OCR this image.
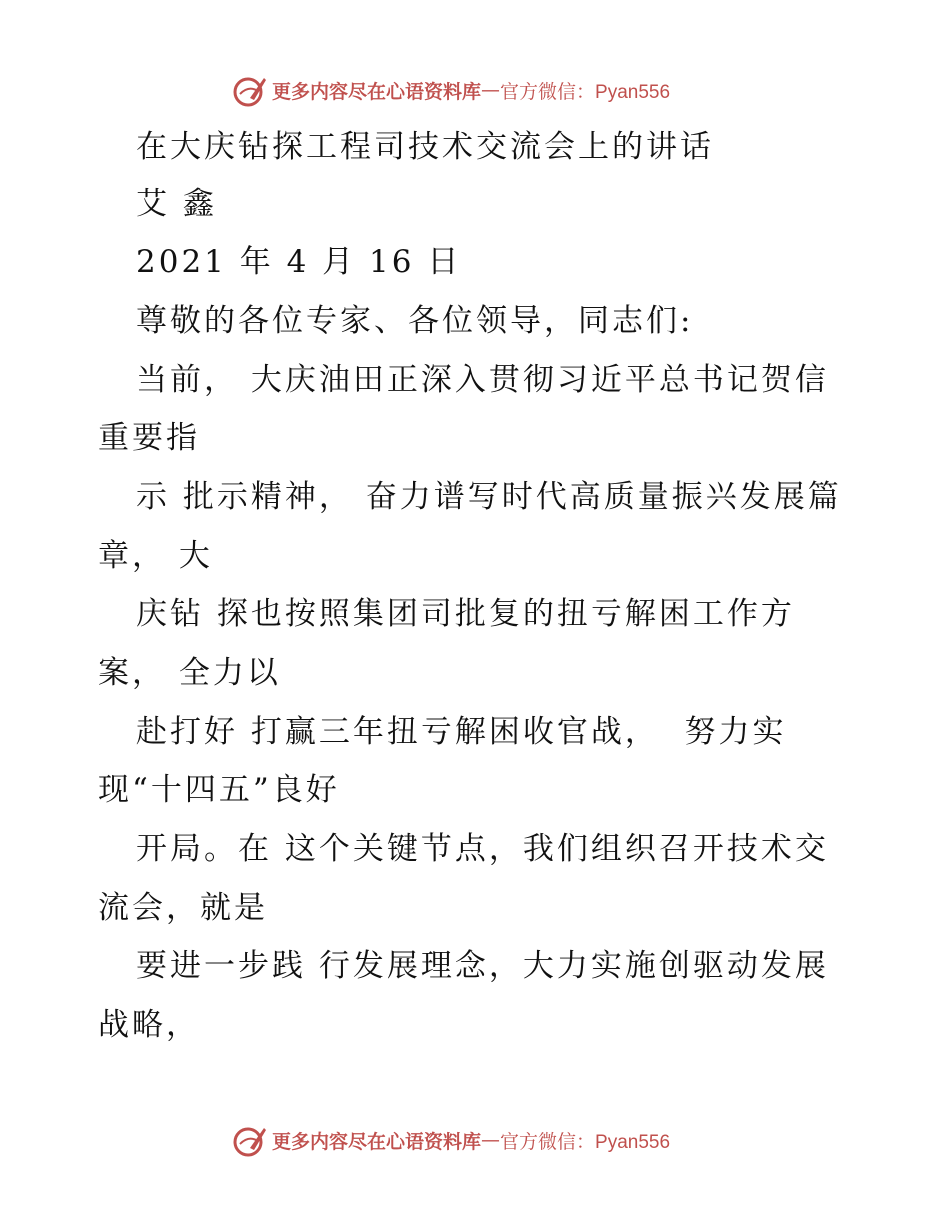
更多内容尽在心语资料库 — 官方微信：Pyan556
在大庆钻探工程司技术交流会上的讲话
艾 鑫
2021 年 4 月 16 日
尊敬的各位专家、各位领导，同志们:
当前， 大庆油田正深入贯彻习近平总书记贺信
重要指
示 批示精神， 奋力谱写时代高质量振兴发展篇
章， 大
庆钻 探也按照集团司批复的扭亏解困工作方
案， 全力以
赴打好 打赢三年扭亏解困收官战，  努力实
现“十四五”良好
开局。在 这个关键节点，我们组织召开技术交
流会，就是
要进一步践 行发展理念，大力实施创驱动发展
战略，
更多内容尽在心语资料库 — 官方微信：Pyan556
